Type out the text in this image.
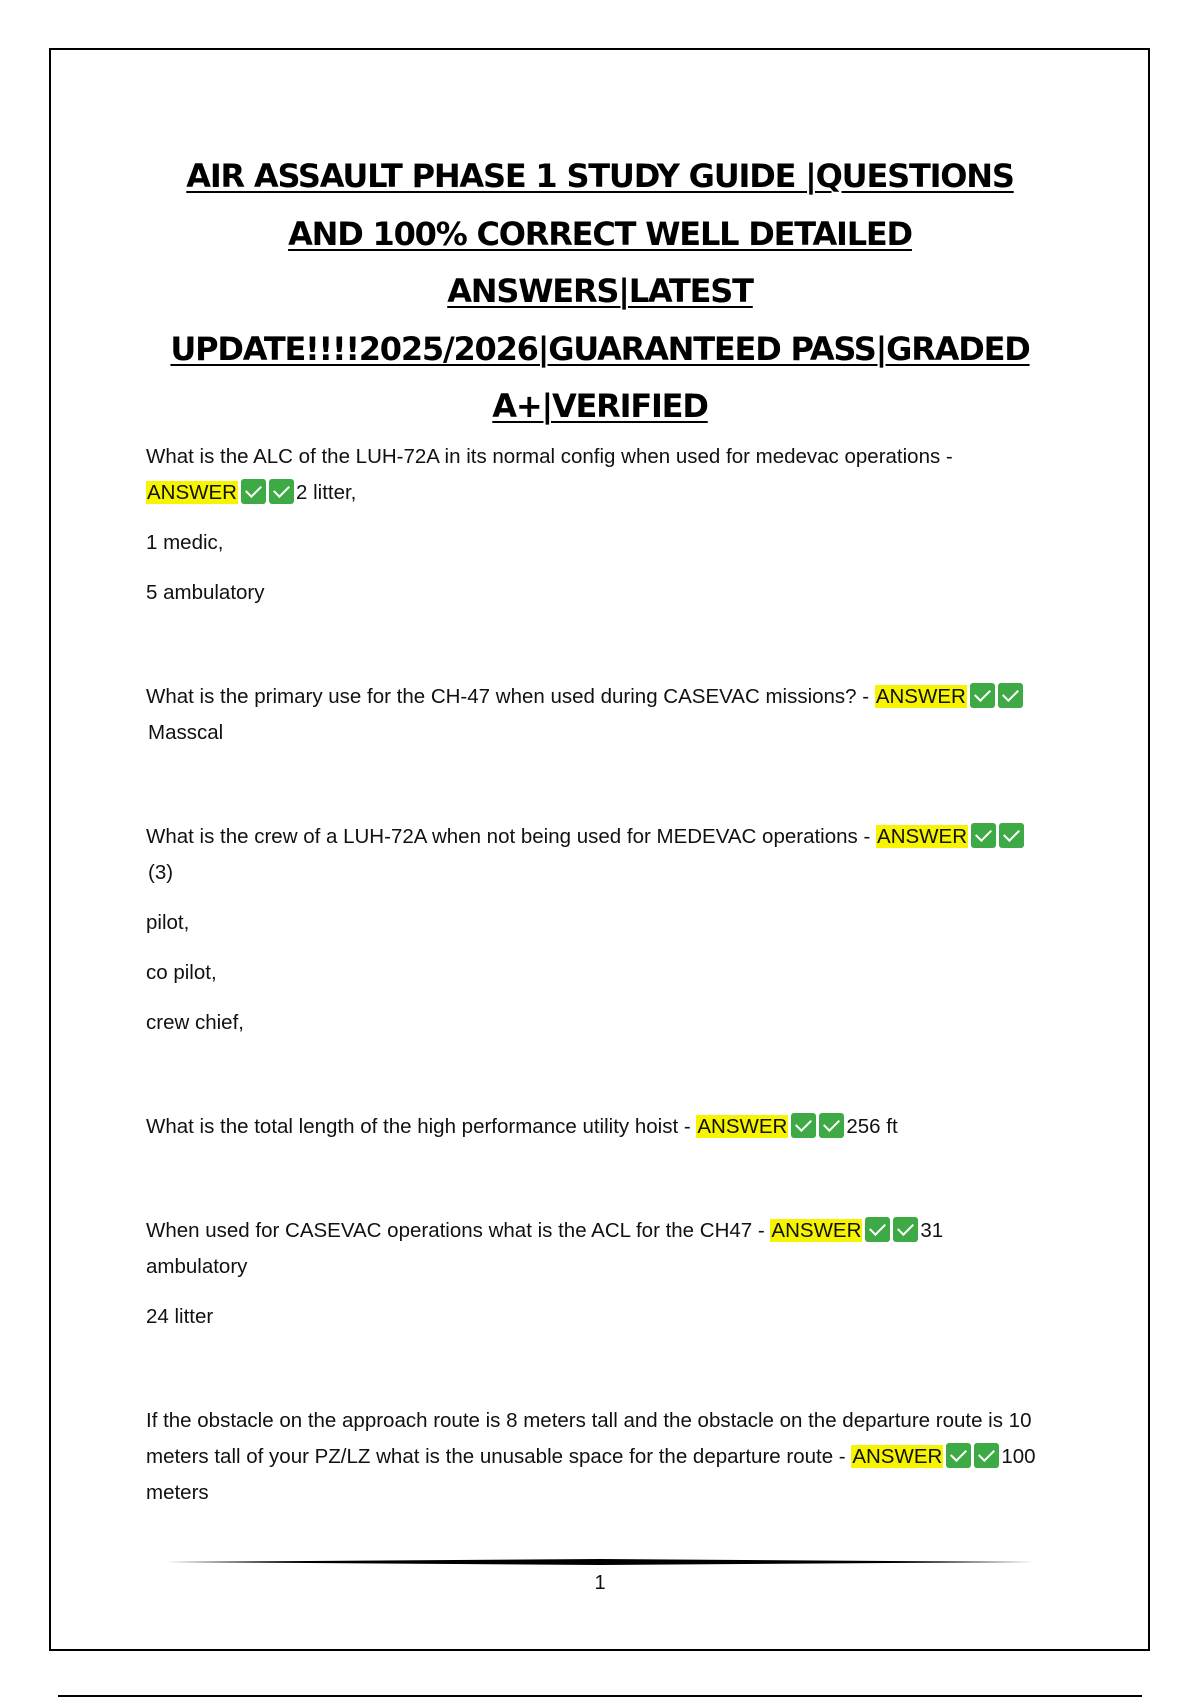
AIR ASSAULT PHASE 1 STUDY GUIDE |QUESTIONS AND 100% CORRECT WELL DETAILED ANSWERS|LATEST UPDATE!!!!2025/2026|GUARANTEED PASS|GRADED A+|VERIFIED
What is the ALC of the LUH-72A in its normal config when used for medevac operations - ANSWER	2 litter,
1 medic,
5 ambulatory
What is the primary use for the CH-47 when used during CASEVAC missions? - ANSWERMasscal
What is the crew of a LUH-72A when not being used for MEDEVAC operations - ANSWER(3)
pilot,
co pilot,
crew chief,
What is the total length of the high performance utility hoist - ANSWER	256 ft
When used for CASEVAC operations what is the ACL for the CH47 - ANSWER	31 ambulatory
24 litter
If the obstacle on the approach route is 8 meters tall and the obstacle on the departure route is 10 meters tall of your PZ/LZ what is the unusable space for the departure route - ANSWER	100 meters
1
